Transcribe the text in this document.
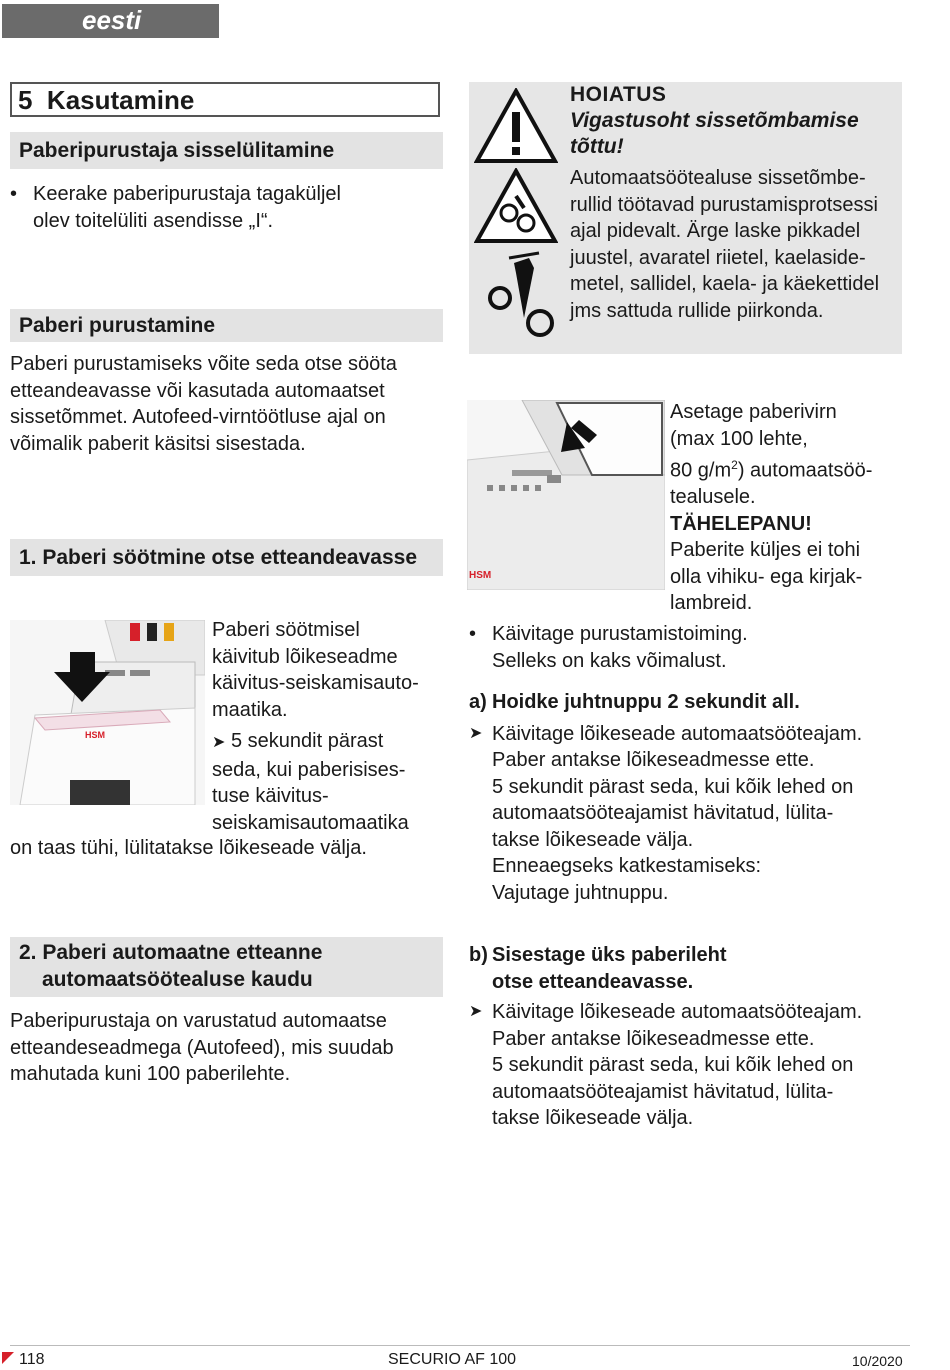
eesti
5 Kasutamine
Paberipurustaja sisselülitamine
• Keerake paberipurustaja tagaküljel
olev toitelüliti asendisse „I“.
Paberi purustamine
Paberi purustamiseks võite seda otse sööta
etteandeavasse või kasutada automaatset
sissetõmmet. Autofeed-virntöötluse ajal on
võimalik paberit käsitsi sisestada.
1. Paberi söötmine otse etteandeavasse
HSM
Paberi söötmisel
käivitub lõikeseadme
käivitus-seiskamisauto-
maatika.
➤ 5 sekundit pärast
seda, kui paberisises-
tuse käivitus-
seiskamisautomaatika
on taas tühi, lülitatakse lõikeseade välja.
2. Paberi automaatne etteanne
automaatsöötealuse kaudu
Paberipurustaja on varustatud automaatse
etteandeseadmega (Autofeed), mis suudab
mahutada kuni 100 paberilehte.
HOIATUS
Vigastusoht sissetõmbamise
tõttu!
Automaatsöötealuse sissetõmbe-
rullid töötavad purustamisprotsessi
ajal pidevalt. Ärge laske pikkadel
juustel, avaratel riietel, kaelaside-
metel, sallidel, kaela- ja käekettidel
jms sattuda rullide piirkonda.
HSM
Asetage paberivirn
(max 100 lehte,
80 $g/m^2$) automaatsöö-
tealusele.
TÄHELEPANU!
Paberite küljes ei tohi
olla vihiku- ega kirjak-
lambreid.
• Käivitage purustamistoiming.
Selleks on kaks võimalust.
a) Hoidke juhtnuppu 2 sekundit all.
➤ Käivitage lõikeseade automaatsööteajam.
Paber antakse lõikeseadmesse ette.
5 sekundit pärast seda, kui kõik lehed on
automaatsööteajamist hävitatud, lülita-
takse lõikeseade välja.
Enneaegseks katkestamiseks:
Vajutage juhtnuppu.
b) Sisestage üks paberileht
otse etteandeavasse.
➤ Käivitage lõikeseade automaatsööteajam.
Paber antakse lõikeseadmesse ette.
5 sekundit pärast seda, kui kõik lehed on
automaatsööteajamist hävitatud, lülita-
takse lõikeseade välja.
118	SECURIO AF 100	10/2020
